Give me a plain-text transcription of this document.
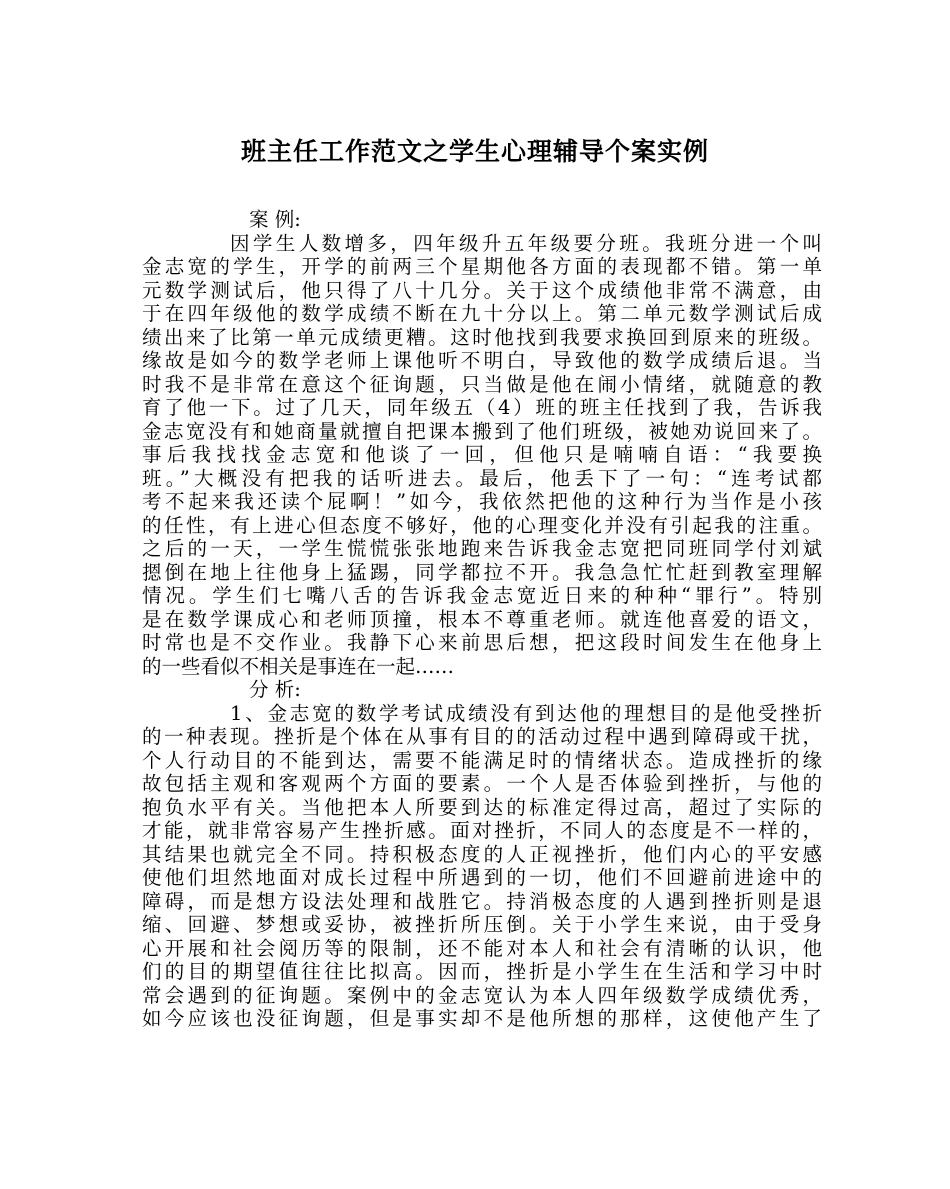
班主任工作范文之学生心理辅导个案实例
案 例:
因学生人数增多，四年级升五年级要分班。我班分进一个叫
金志宽的学生，开学的前两三个星期他各方面的表现都不错。第一单
元数学测试后，他只得了八十几分。关于这个成绩他非常不满意，由
于在四年级他的数学成绩不断在九十分以上。第二单元数学测试后成
绩出来了比第一单元成绩更糟。这时他找到我要求换回到原来的班级。
缘故是如今的数学老师上课他听不明白，导致他的数学成绩后退。当
时我不是非常在意这个征询题，只当做是他在闹小情绪，就随意的教
育了他一下。过了几天，同年级五（4）班的班主任找到了我，告诉我
金志宽没有和她商量就擅自把课本搬到了他们班级，被她劝说回来了。
事后我找找金志宽和他谈了一回，但他只是喃喃自语：“我要换
班。”大概没有把我的话听进去。最后，他丢下了一句：“连考试都
考不起来我还读个屁啊！”如今，我依然把他的这种行为当作是小孩
的任性，有上进心但态度不够好，他的心理变化并没有引起我的注重。
之后的一天，一学生慌慌张张地跑来告诉我金志宽把同班同学付刘斌
摁倒在地上往他身上猛踢，同学都拉不开。我急急忙忙赶到教室理解
情况。学生们七嘴八舌的告诉我金志宽近日来的种种“罪行”。特别
是在数学课成心和老师顶撞，根本不尊重老师。就连他喜爱的语文，
时常也是不交作业。我静下心来前思后想，把这段时间发生在他身上
的一些看似不相关是事连在一起……
分 析:
1、金志宽的数学考试成绩没有到达他的理想目的是他受挫折
的一种表现。挫折是个体在从事有目的的活动过程中遇到障碍或干扰，
个人行动目的不能到达，需要不能满足时的情绪状态。造成挫折的缘
故包括主观和客观两个方面的要素。一个人是否体验到挫折，与他的
抱负水平有关。当他把本人所要到达的标准定得过高，超过了实际的
才能，就非常容易产生挫折感。面对挫折，不同人的态度是不一样的，
其结果也就完全不同。持积极态度的人正视挫折，他们内心的平安感
使他们坦然地面对成长过程中所遇到的一切，他们不回避前进途中的
障碍，而是想方设法处理和战胜它。持消极态度的人遇到挫折则是退
缩、回避、梦想或妥协，被挫折所压倒。关于小学生来说，由于受身
心开展和社会阅历等的限制，还不能对本人和社会有清晰的认识，他
们的目的期望值往往比拟高。因而，挫折是小学生在生活和学习中时
常会遇到的征询题。案例中的金志宽认为本人四年级数学成绩优秀，
如今应该也没征询题，但是事实却不是他所想的那样，这使他产生了
